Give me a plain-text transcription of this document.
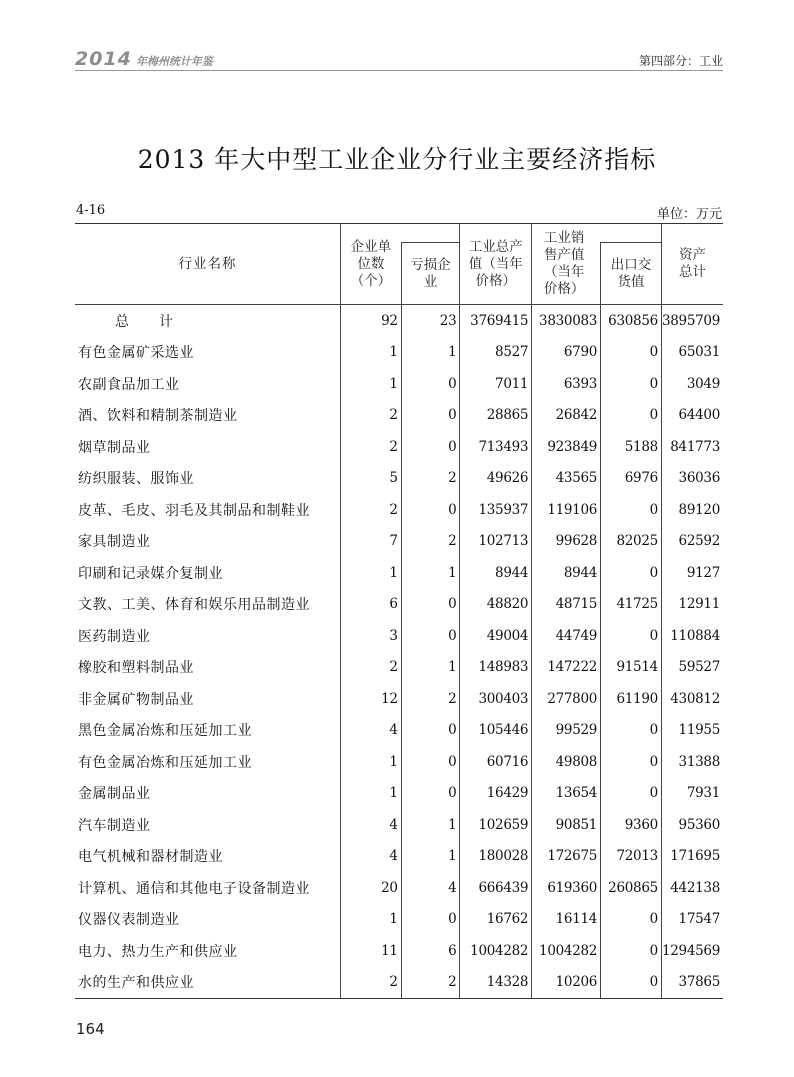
2014 年梅州统计年鉴	第四部分：工业
2013 年大中型工业企业分行业主要经济指标
4-16	单位：万元
行业名称	企业单位数（个）		工业总产值（当年价格）	工业销售产值（当年价格）		资产总计

		亏损企业			出口交货值	

总 计	92	23	3769415	3830083	630856	3895709
有色金属矿采选业	1	1	8527	6790	0	65031
农副食品加工业	1	0	7011	6393	0	3049
酒、饮料和精制茶制造业	2	0	28865	26842	0	64400
烟草制品业	2	0	713493	923849	5188	841773
纺织服装、服饰业	5	2	49626	43565	6976	36036
皮革、毛皮、羽毛及其制品和制鞋业	2	0	135937	119106	0	89120
家具制造业	7	2	102713	99628	82025	62592
印刷和记录媒介复制业	1	1	8944	8944	0	9127
文教、工美、体育和娱乐用品制造业	6	0	48820	48715	41725	12911
医药制造业	3	0	49004	44749	0	110884
橡胶和塑料制品业	2	1	148983	147222	91514	59527
非金属矿物制品业	12	2	300403	277800	61190	430812
黑色金属冶炼和压延加工业	4	0	105446	99529	0	11955
有色金属冶炼和压延加工业	1	0	60716	49808	0	31388
金属制品业	1	0	16429	13654	0	7931
汽车制造业	4	1	102659	90851	9360	95360
电气机械和器材制造业	4	1	180028	172675	72013	171695
计算机、通信和其他电子设备制造业	20	4	666439	619360	260865	442138
仪器仪表制造业	1	0	16762	16114	0	17547
电力、热力生产和供应业	11	6	1004282	1004282	0	1294569
水的生产和供应业	2	2	14328	10206	0	37865
164
